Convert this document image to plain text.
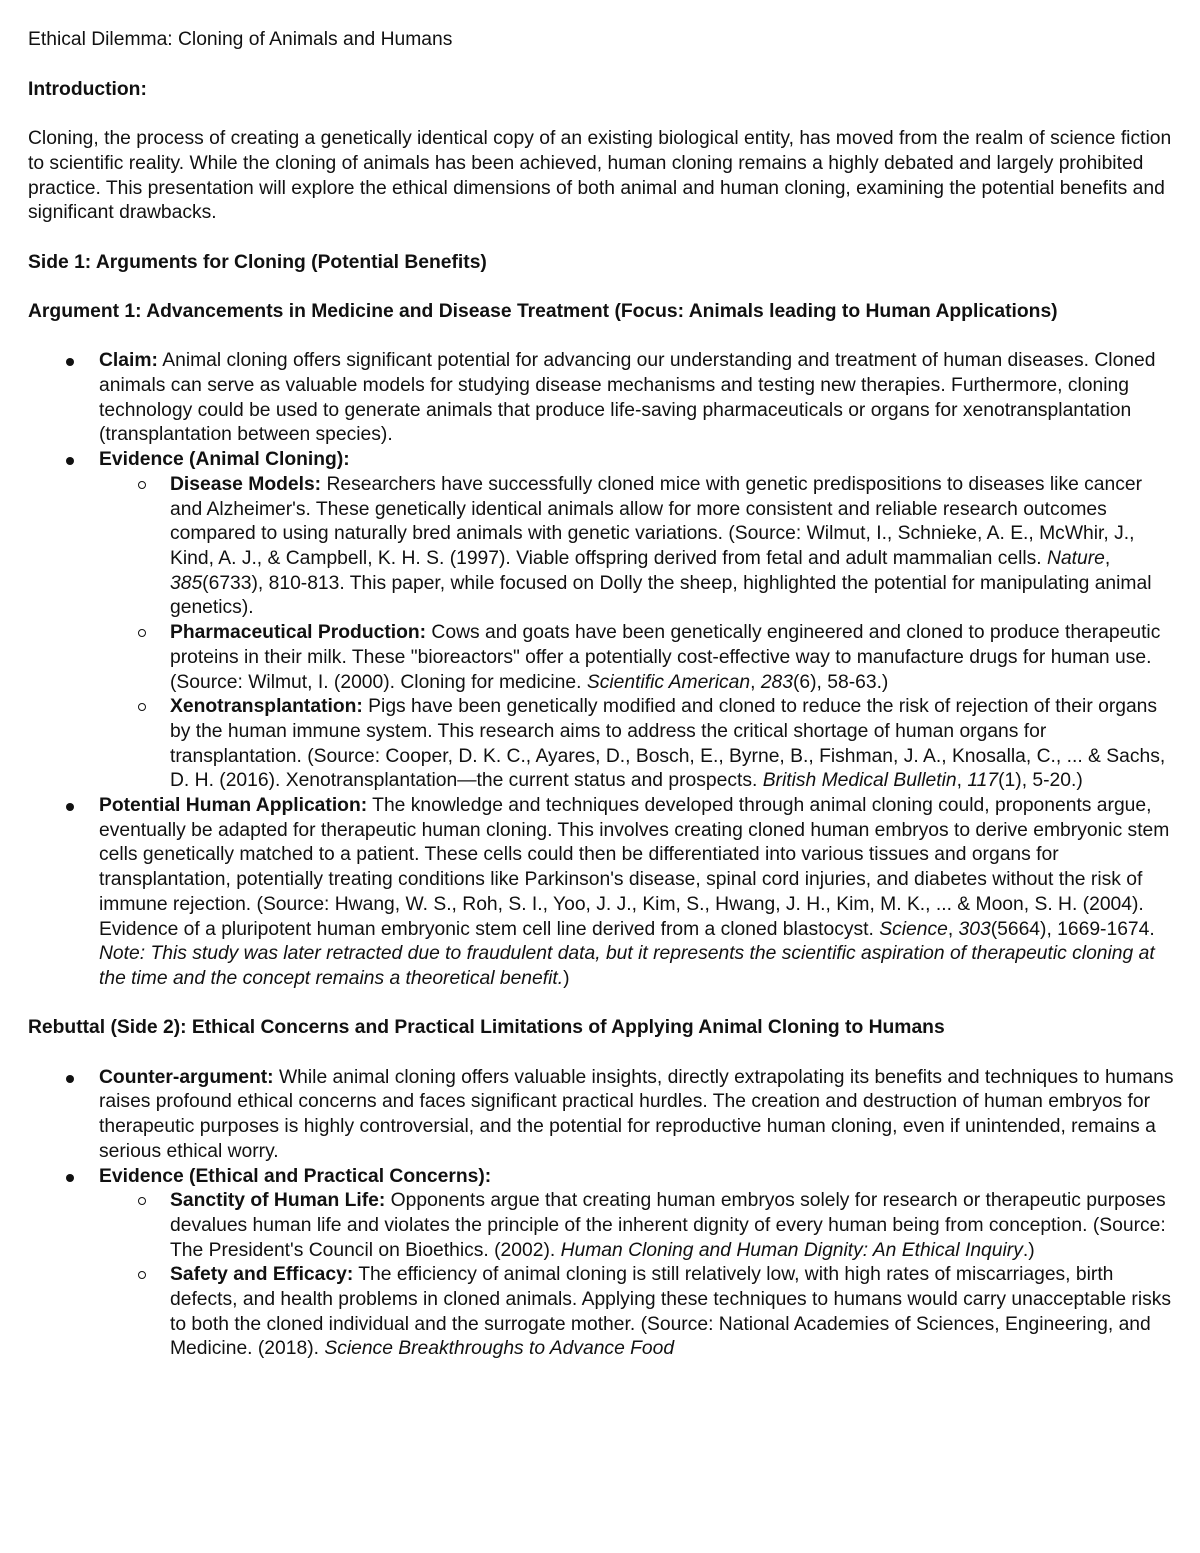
Ethical Dilemma: Cloning of Animals and Humans

Introduction:

Cloning, the process of creating a genetically identical copy of an existing biological entity, has moved from the realm of science fiction to scientific reality. While the cloning of animals has been achieved, human cloning remains a highly debated and largely prohibited practice. This presentation will explore the ethical dimensions of both animal and human cloning, examining the potential benefits and significant drawbacks.

Side 1: Arguments for Cloning (Potential Benefits)

Argument 1: Advancements in Medicine and Disease Treatment (Focus: Animals leading to Human Applications)

Claim: Animal cloning offers significant potential for advancing our understanding and treatment of human diseases. Cloned animals can serve as valuable models for studying disease mechanisms and testing new therapies. Furthermore, cloning technology could be used to generate animals that produce life-saving pharmaceuticals or organs for xenotransplantation (transplantation between species).
Evidence (Animal Cloning):
Disease Models: Researchers have successfully cloned mice with genetic predispositions to diseases like cancer and Alzheimer's. These genetically identical animals allow for more consistent and reliable research outcomes compared to using naturally bred animals with genetic variations. (Source: Wilmut, I., Schnieke, A. E., McWhir, J., Kind, A. J., & Campbell, K. H. S. (1997). Viable offspring derived from fetal and adult mammalian cells. Nature, 385(6733), 810-813. This paper, while focused on Dolly the sheep, highlighted the potential for manipulating animal genetics).
Pharmaceutical Production: Cows and goats have been genetically engineered and cloned to produce therapeutic proteins in their milk. These "bioreactors" offer a potentially cost-effective way to manufacture drugs for human use. (Source: Wilmut, I. (2000). Cloning for medicine. Scientific American, 283(6), 58-63.)
Xenotransplantation: Pigs have been genetically modified and cloned to reduce the risk of rejection of their organs by the human immune system. This research aims to address the critical shortage of human organs for transplantation. (Source: Cooper, D. K. C., Ayares, D., Bosch, E., Byrne, B., Fishman, J. A., Knosalla, C., ... & Sachs, D. H. (2016). Xenotransplantation—the current status and prospects. British Medical Bulletin, 117(1), 5-20.)
Potential Human Application: The knowledge and techniques developed through animal cloning could, proponents argue, eventually be adapted for therapeutic human cloning. This involves creating cloned human embryos to derive embryonic stem cells genetically matched to a patient. These cells could then be differentiated into various tissues and organs for transplantation, potentially treating conditions like Parkinson's disease, spinal cord injuries, and diabetes without the risk of immune rejection. (Source: Hwang, W. S., Roh, S. I., Yoo, J. J., Kim, S., Hwang, J. H., Kim, M. K., ... & Moon, S. H. (2004). Evidence of a pluripotent human embryonic stem cell line derived from a cloned blastocyst. Science, 303(5664), 1669-1674. Note: This study was later retracted due to fraudulent data, but it represents the scientific aspiration of therapeutic cloning at the time and the concept remains a theoretical benefit.)

Rebuttal (Side 2): Ethical Concerns and Practical Limitations of Applying Animal Cloning to Humans

Counter-argument: While animal cloning offers valuable insights, directly extrapolating its benefits and techniques to humans raises profound ethical concerns and faces significant practical hurdles. The creation and destruction of human embryos for therapeutic purposes is highly controversial, and the potential for reproductive human cloning, even if unintended, remains a serious ethical worry.
Evidence (Ethical and Practical Concerns):
Sanctity of Human Life: Opponents argue that creating human embryos solely for research or therapeutic purposes devalues human life and violates the principle of the inherent dignity of every human being from conception. (Source: The President's Council on Bioethics. (2002). Human Cloning and Human Dignity: An Ethical Inquiry.)
Safety and Efficacy: The efficiency of animal cloning is still relatively low, with high rates of miscarriages, birth defects, and health problems in cloned animals. Applying these techniques to humans would carry unacceptable risks to both the cloned individual and the surrogate mother. (Source: National Academies of Sciences, Engineering, and Medicine. (2018). Science Breakthroughs to Advance Food
